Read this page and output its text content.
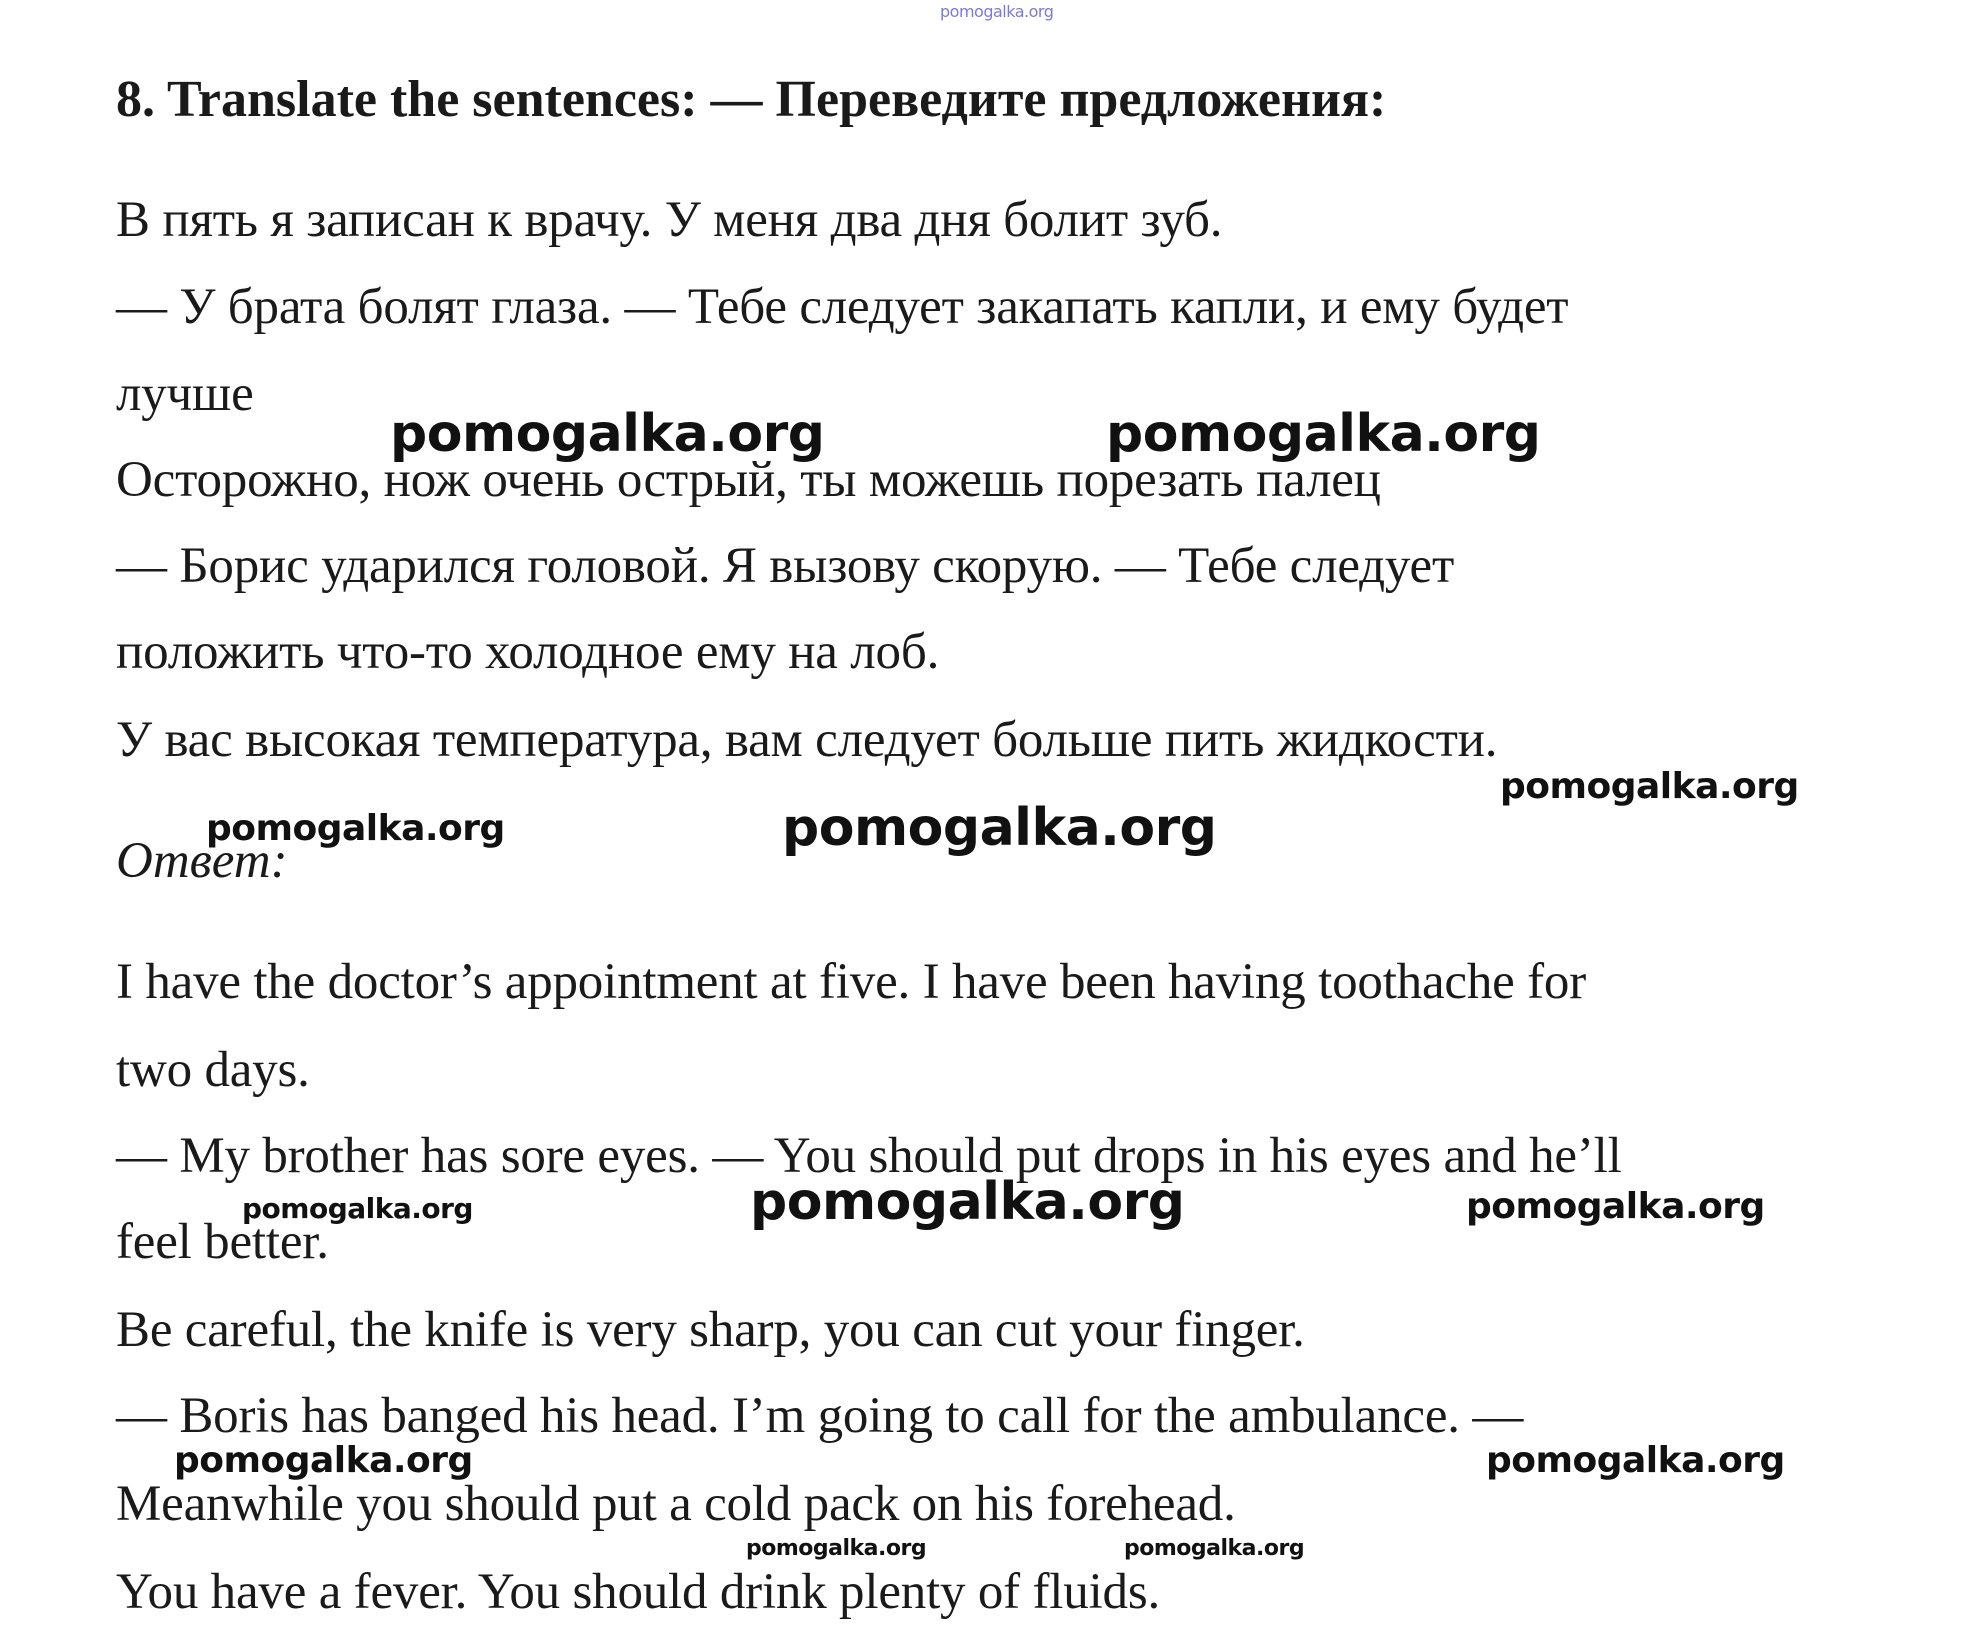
pomogalka.org
8. Translate the sentences: — Переведите предложения:
В пять я записан к врачу. У меня два дня болит зуб.
— У брата болят глаза. — Тебе следует закапать капли, и ему будет
лучше
Осторожно, нож очень острый, ты можешь порезать палец
— Борис ударился головой. Я вызову скорую. — Тебе следует
положить что-то холодное ему на лоб.
У вас высокая температура, вам следует больше пить жидкости.
Ответ:
I have the doctor’s appointment at five. I have been having toothache for
two days.
— My brother has sore eyes. — You should put drops in his eyes and he’ll
feel better.
Be careful, the knife is very sharp, you can cut your finger.
— Boris has banged his head. I’m going to call for the ambulance. —
Meanwhile you should put a cold pack on his forehead.
You have a fever. You should drink plenty of fluids.
pomogalka.org	pomogalka.org
pomogalka.org
pomogalka.org	pomogalka.org
pomogalka.org	pomogalka.org	pomogalka.org
pomogalka.org	pomogalka.org
pomogalka.org	pomogalka.org
